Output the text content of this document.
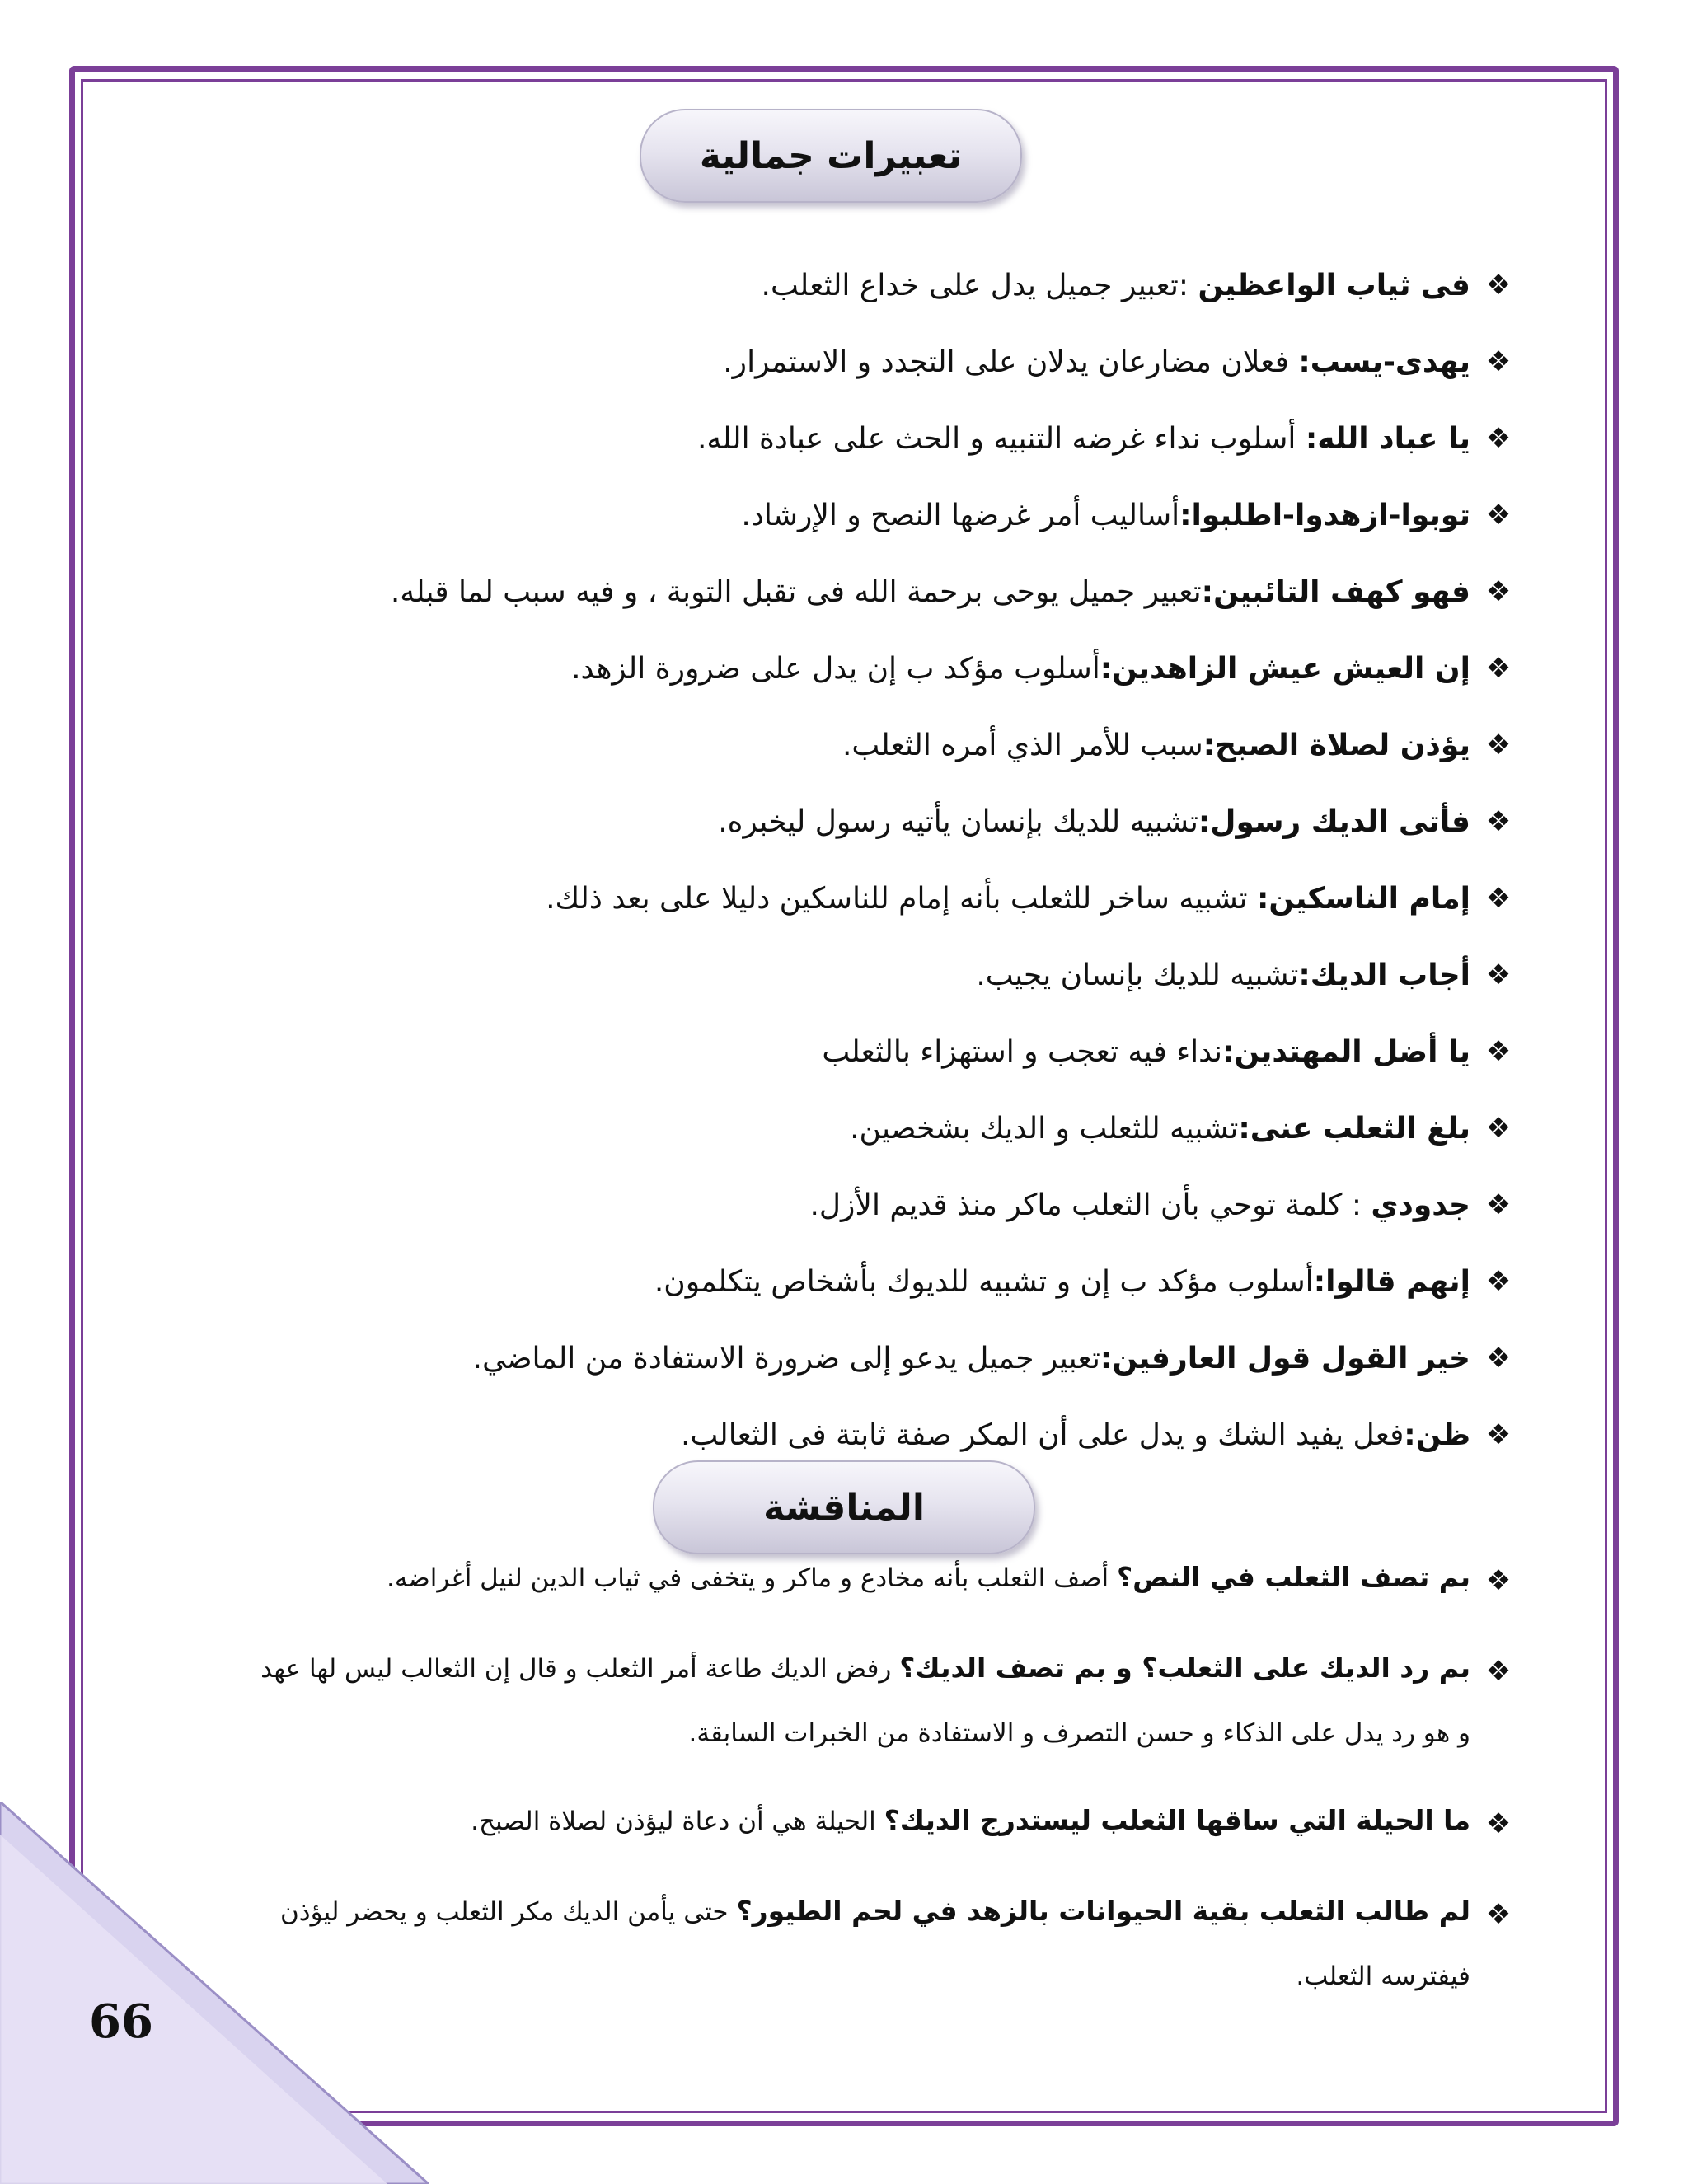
تعبيرات جمالية
❖
فى ثياب الواعظين :تعبير جميل يدل على خداع الثعلب.
❖
يهدى-يسب: فعلان مضارعان يدلان على التجدد و الاستمرار.
❖
يا عباد الله: أسلوب نداء غرضه التنبيه و الحث على عبادة الله.
❖
توبوا-ازهدوا-اطلبوا:أساليب أمر غرضها النصح و الإرشاد.
❖
فهو كهف التائبين:تعبير جميل يوحى برحمة الله فى تقبل التوبة ، و فيه سبب لما قبله.
❖
إن العيش عيش الزاهدين:أسلوب مؤكد ب إن يدل على ضرورة الزهد.
❖
يؤذن لصلاة الصبح:سبب للأمر الذي أمره الثعلب.
❖
فأتى الديك رسول:تشبيه للديك بإنسان يأتيه رسول ليخبره.
❖
إمام الناسكين: تشبيه ساخر للثعلب بأنه إمام للناسكين دليلا على بعد ذلك.
❖
أجاب الديك:تشبيه للديك بإنسان يجيب.
❖
يا أضل المهتدين:نداء فيه تعجب و استهزاء بالثعلب
❖
بلغ الثعلب عنى:تشبيه للثعلب و الديك بشخصين.
❖
جدودي : كلمة توحي بأن الثعلب ماكر منذ قديم الأزل.
❖
إنهم قالوا:أسلوب مؤكد ب إن و تشبيه للديوك بأشخاص يتكلمون.
❖
خير القول قول العارفين:تعبير جميل يدعو إلى ضرورة الاستفادة من الماضي.
❖
ظن:فعل يفيد الشك و يدل على أن المكر صفة ثابتة فى الثعالب.
المناقشة
❖
بم تصف الثعلب في النص؟ أصف الثعلب بأنه مخادع و ماكر و يتخفى في ثياب الدين لنيل أغراضه.
❖
بم رد الديك على الثعلب؟ و بم تصف الديك؟ رفض الديك طاعة أمر الثعلب و قال إن الثعالب ليس لها عهد
و هو رد يدل على الذكاء و حسن التصرف و الاستفادة من الخبرات السابقة.
❖
ما الحيلة التي ساقها الثعلب ليستدرج الديك؟ الحيلة هي أن دعاة ليؤذن لصلاة الصبح.
❖
لم طالب الثعلب بقية الحيوانات بالزهد في لحم الطيور؟ حتى يأمن الديك مكر الثعلب و يحضر ليؤذن
فيفترسه الثعلب.
66
